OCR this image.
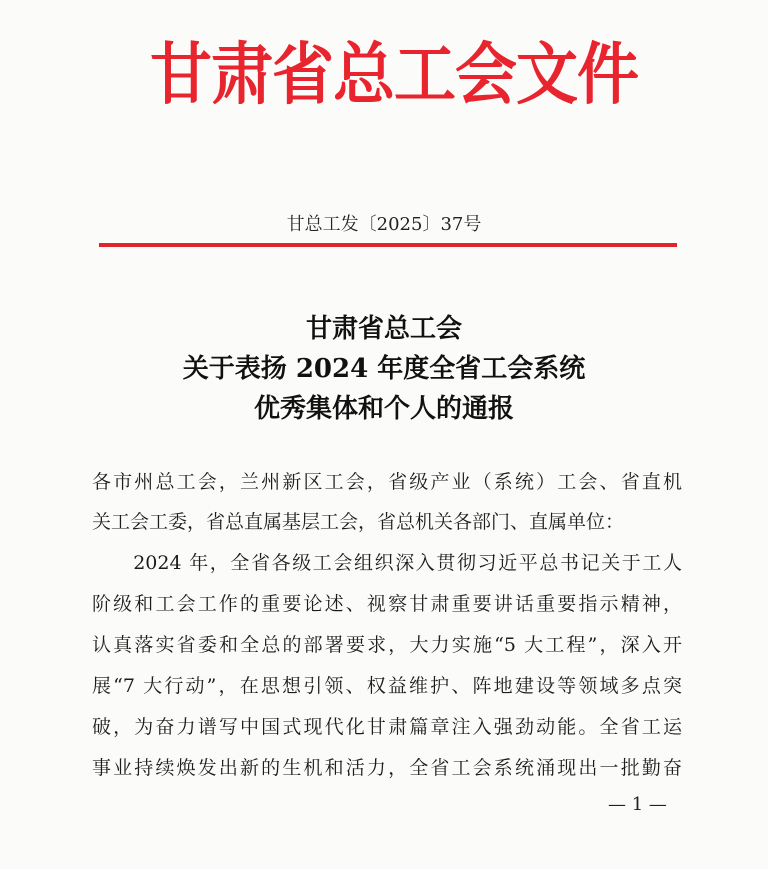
甘肃省总工会文件
甘总工发〔2025〕37号
甘肃省总工会
关于表扬 2024 年度全省工会系统
优秀集体和个人的通报
各市州总工会，兰州新区工会，省级产业（系统）工会、省直机
关工会工委，省总直属基层工会，省总机关各部门、直属单位：
　　2024 年，全省各级工会组织深入贯彻习近平总书记关于工人
阶级和工会工作的重要论述、视察甘肃重要讲话重要指示精神，
认真落实省委和全总的部署要求，大力实施“5 大工程”，深入开
展“7 大行动”，在思想引领、权益维护、阵地建设等领域多点突
破，为奋力谱写中国式现代化甘肃篇章注入强劲动能。全省工运
事业持续焕发出新的生机和活力，全省工会系统涌现出一批勤奋
— 1 —
